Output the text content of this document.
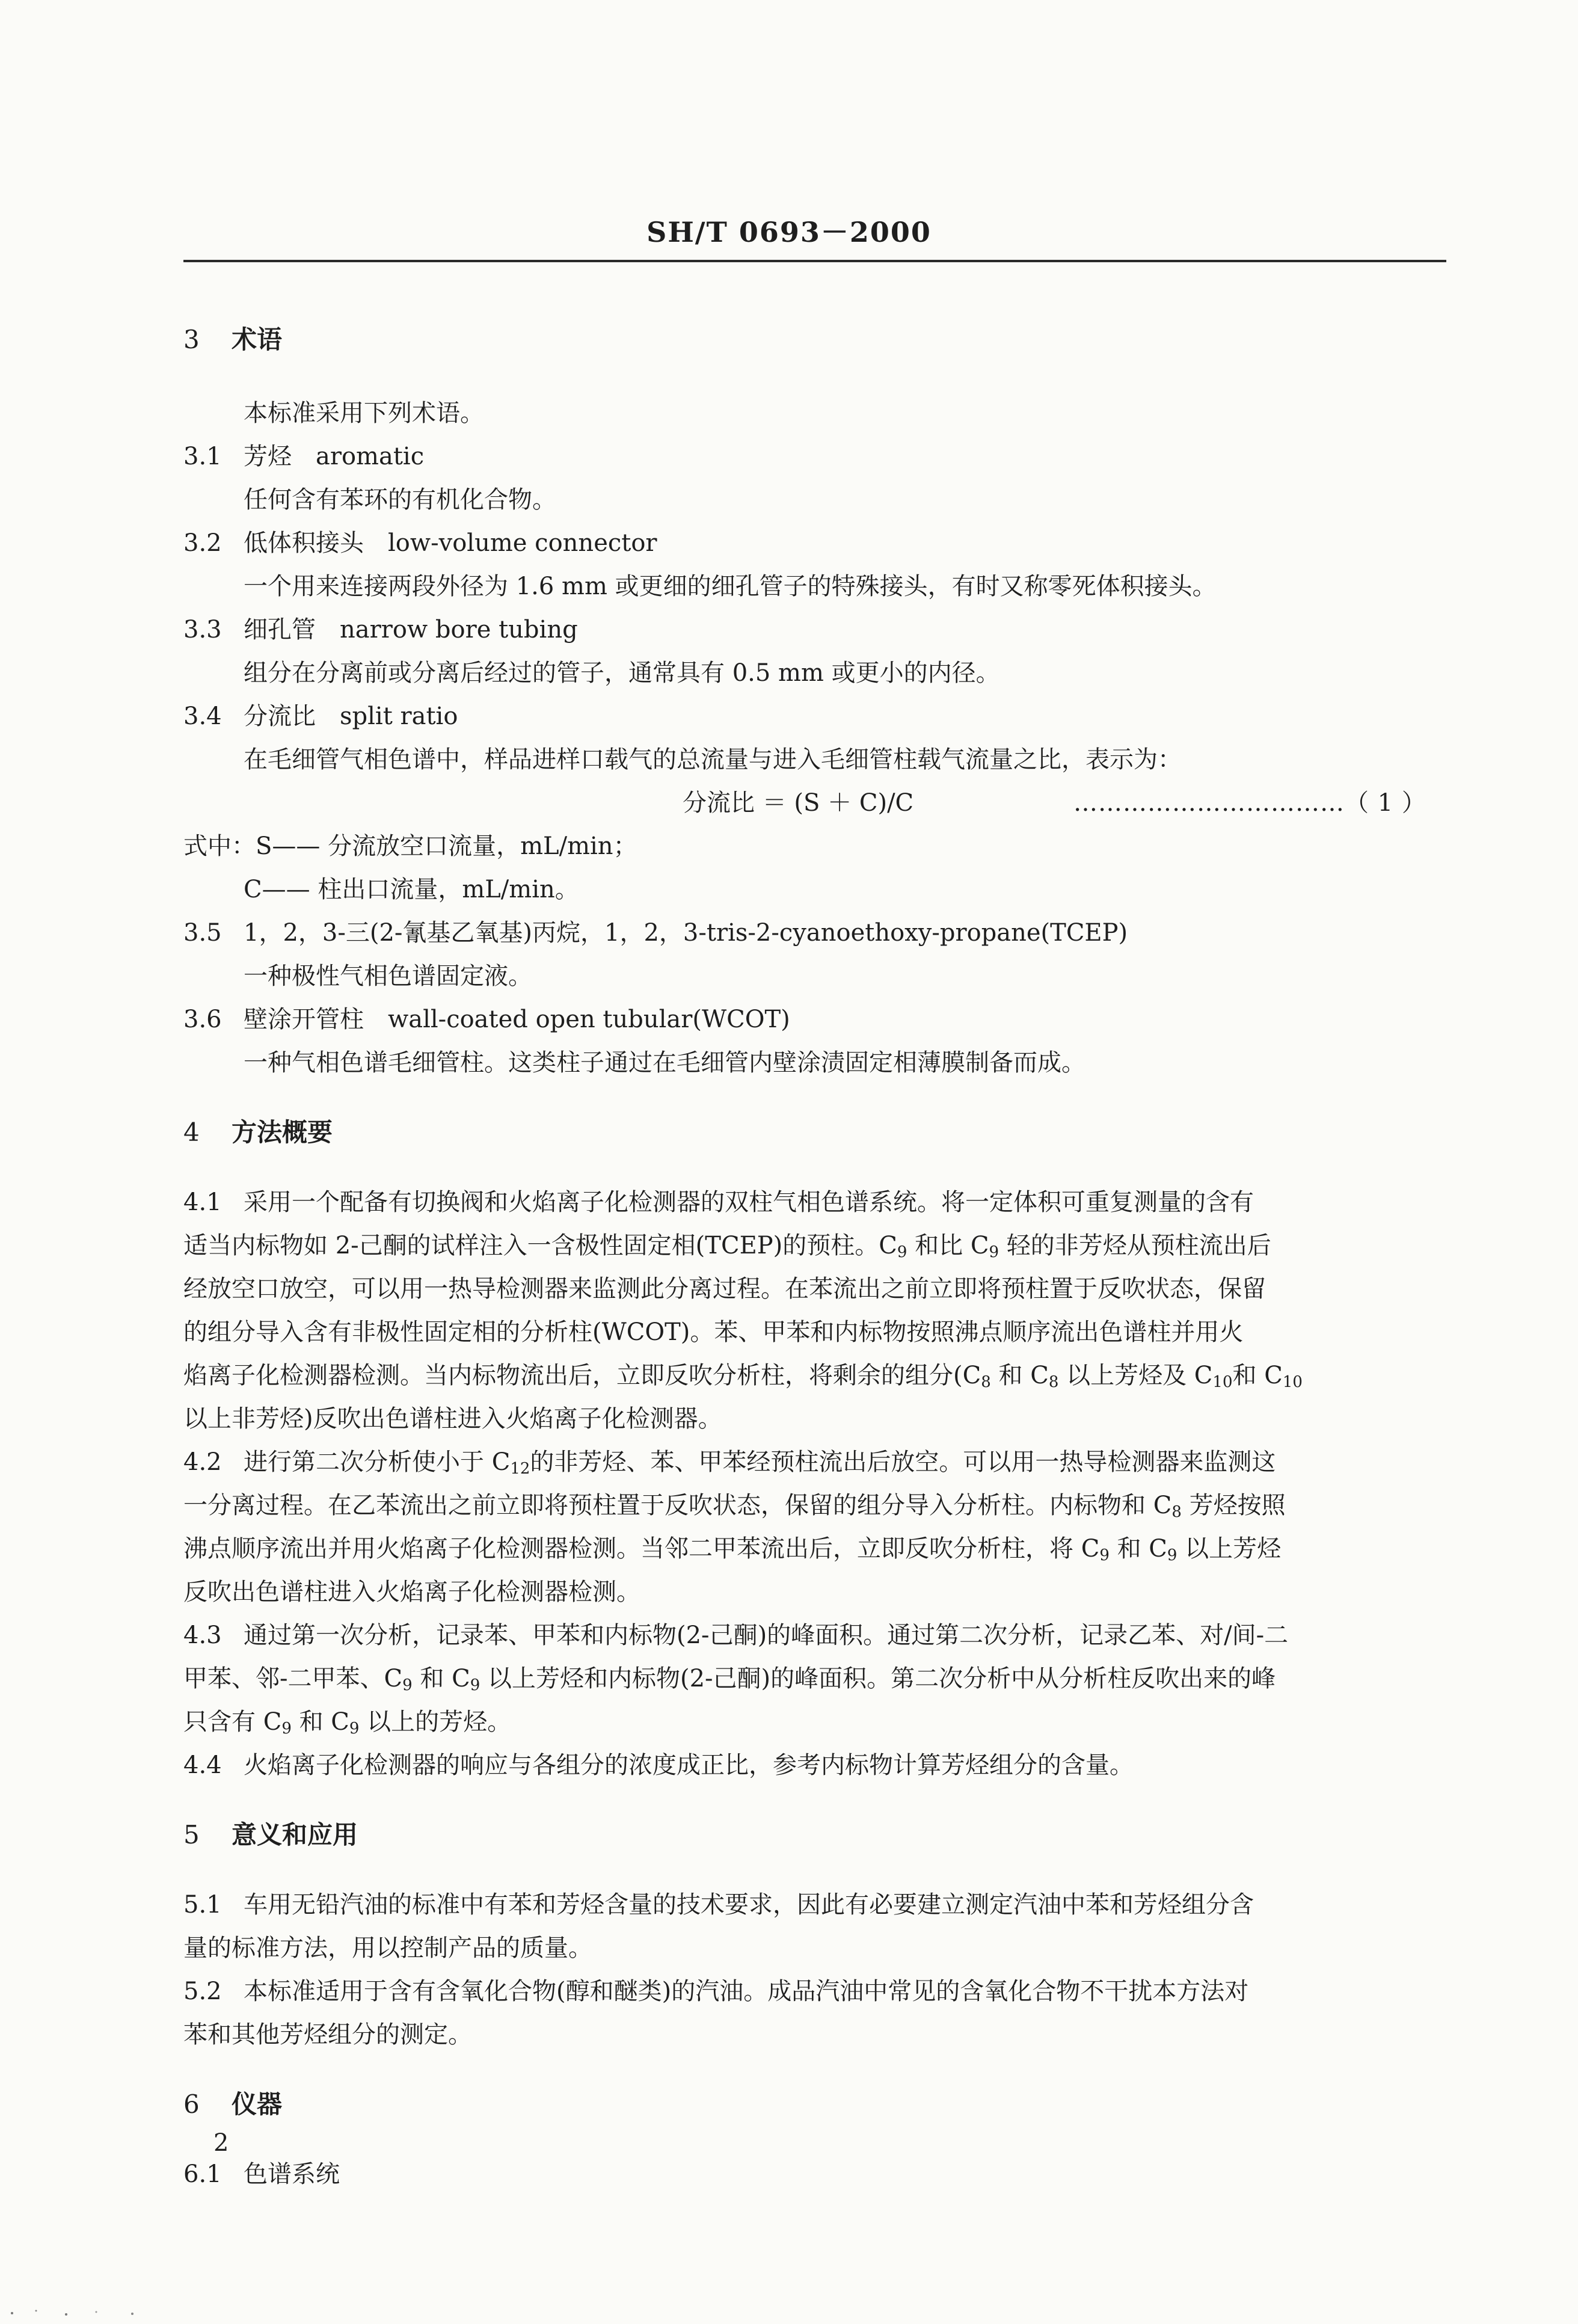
SH/T 0693－2000
3	术语

本标准采用下列术语。

3.1 芳烃 aromatic

任何含有苯环的有机化合物。

3.2 低体积接头 low-volume connector

一个用来连接两段外径为 1.6 mm 或更细的细孔管子的特殊接头，有时又称零死体积接头。

3.3 细孔管 narrow bore tubing

组分在分离前或分离后经过的管子，通常具有 0.5 mm 或更小的内径。

3.4 分流比 split ratio

在毛细管气相色谱中，样品进样口载气的总流量与进入毛细管柱载气流量之比，表示为：

分流比 ＝ (S ＋ C)/C	……………………………（ 1 ）

式中：S—— 分流放空口流量，mL/min；

C—— 柱出口流量，mL/min。

3.5 1，2，3-三(2-氰基乙氧基)丙烷，1，2，3-tris-2-cyanoethoxy-propane(TCEP)

一种极性气相色谱固定液。

3.6 壁涂开管柱 wall-coated open tubular(WCOT)

一种气相色谱毛细管柱。这类柱子通过在毛细管内壁涂渍固定相薄膜制备而成。

4	方法概要
4.1 采用一个配备有切换阀和火焰离子化检测器的双柱气相色谱系统。将一定体积可重复测量的含有
适当内标物如 2-己酮的试样注入一含极性固定相(TCEP)的预柱。$C_9$ 和比 $C_9$ 轻的非芳烃从预柱流出后
经放空口放空，可以用一热导检测器来监测此分离过程。在苯流出之前立即将预柱置于反吹状态，保留
的组分导入含有非极性固定相的分析柱(WCOT)。苯、甲苯和内标物按照沸点顺序流出色谱柱并用火
焰离子化检测器检测。当内标物流出后，立即反吹分析柱，将剩余的组分($C_8$ 和 $C_8$ 以上芳烃及 $C_{10}$和 $C_{10}$
以上非芳烃)反吹出色谱柱进入火焰离子化检测器。
4.2 进行第二次分析使小于 $C_{12}$的非芳烃、苯、甲苯经预柱流出后放空。可以用一热导检测器来监测这
一分离过程。在乙苯流出之前立即将预柱置于反吹状态，保留的组分导入分析柱。内标物和 $C_8$ 芳烃按照
沸点顺序流出并用火焰离子化检测器检测。当邻二甲苯流出后，立即反吹分析柱，将 $C_9$ 和 $C_9$ 以上芳烃
反吹出色谱柱进入火焰离子化检测器检测。
4.3 通过第一次分析，记录苯、甲苯和内标物(2-己酮)的峰面积。通过第二次分析，记录乙苯、对/间-二
甲苯、邻-二甲苯、$C_9$ 和 $C_9$ 以上芳烃和内标物(2-己酮)的峰面积。第二次分析中从分析柱反吹出来的峰
只含有 $C_9$ 和 $C_9$ 以上的芳烃。
4.4 火焰离子化检测器的响应与各组分的浓度成正比，参考内标物计算芳烃组分的含量。
5	意义和应用
5.1 车用无铅汽油的标准中有苯和芳烃含量的技术要求，因此有必要建立测定汽油中苯和芳烃组分含
量的标准方法，用以控制产品的质量。
5.2 本标准适用于含有含氧化合物(醇和醚类)的汽油。成品汽油中常见的含氧化合物不干扰本方法对
苯和其他芳烃组分的测定。
6	仪器
6.1 色谱系统
2
